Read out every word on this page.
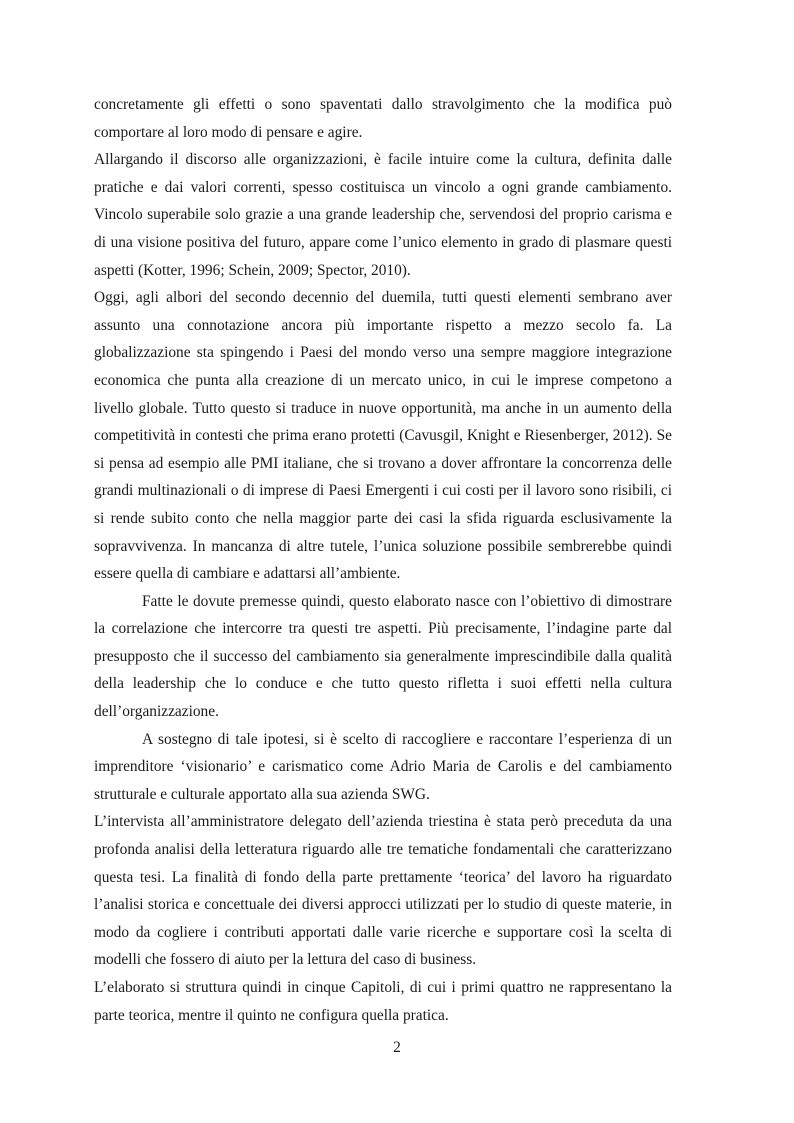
concretamente gli effetti o sono spaventati dallo stravolgimento che la modifica può comportare al loro modo di pensare e agire.

Allargando il discorso alle organizzazioni, è facile intuire come la cultura, definita dalle pratiche e dai valori correnti, spesso costituisca un vincolo a ogni grande cambiamento. Vincolo superabile solo grazie a una grande leadership che, servendosi del proprio carisma e di una visione positiva del futuro, appare come l’unico elemento in grado di plasmare questi aspetti (Kotter, 1996; Schein, 2009; Spector, 2010).

Oggi, agli albori del secondo decennio del duemila, tutti questi elementi sembrano aver assunto una connotazione ancora più importante rispetto a mezzo secolo fa. La globalizzazione sta spingendo i Paesi del mondo verso una sempre maggiore integrazione economica che punta alla creazione di un mercato unico, in cui le imprese competono a livello globale. Tutto questo si traduce in nuove opportunità, ma anche in un aumento della competitività in contesti che prima erano protetti (Cavusgil, Knight e Riesenberger, 2012). Se si pensa ad esempio alle PMI italiane, che si trovano a dover affrontare la concorrenza delle grandi multinazionali o di imprese di Paesi Emergenti i cui costi per il lavoro sono risibili, ci si rende subito conto che nella maggior parte dei casi la sfida riguarda esclusivamente la sopravvivenza. In mancanza di altre tutele, l’unica soluzione possibile sembrerebbe quindi essere quella di cambiare e adattarsi all’ambiente.

Fatte le dovute premesse quindi, questo elaborato nasce con l’obiettivo di dimostrare la correlazione che intercorre tra questi tre aspetti. Più precisamente, l’indagine parte dal presupposto che il successo del cambiamento sia generalmente imprescindibile dalla qualità della leadership che lo conduce e che tutto questo rifletta i suoi effetti nella cultura dell’organizzazione.

A sostegno di tale ipotesi, si è scelto di raccogliere e raccontare l’esperienza di un imprenditore ‘visionario’ e carismatico come Adrio Maria de Carolis e del cambiamento strutturale e culturale apportato alla sua azienda SWG.

L’intervista all’amministratore delegato dell’azienda triestina è stata però preceduta da una profonda analisi della letteratura riguardo alle tre tematiche fondamentali che caratterizzano questa tesi. La finalità di fondo della parte prettamente ‘teorica’ del lavoro ha riguardato l’analisi storica e concettuale dei diversi approcci utilizzati per lo studio di queste materie, in modo da cogliere i contributi apportati dalle varie ricerche e supportare così la scelta di modelli che fossero di aiuto per la lettura del caso di business.

L’elaborato si struttura quindi in cinque Capitoli, di cui i primi quattro ne rappresentano la parte teorica, mentre il quinto ne configura quella pratica.

2
